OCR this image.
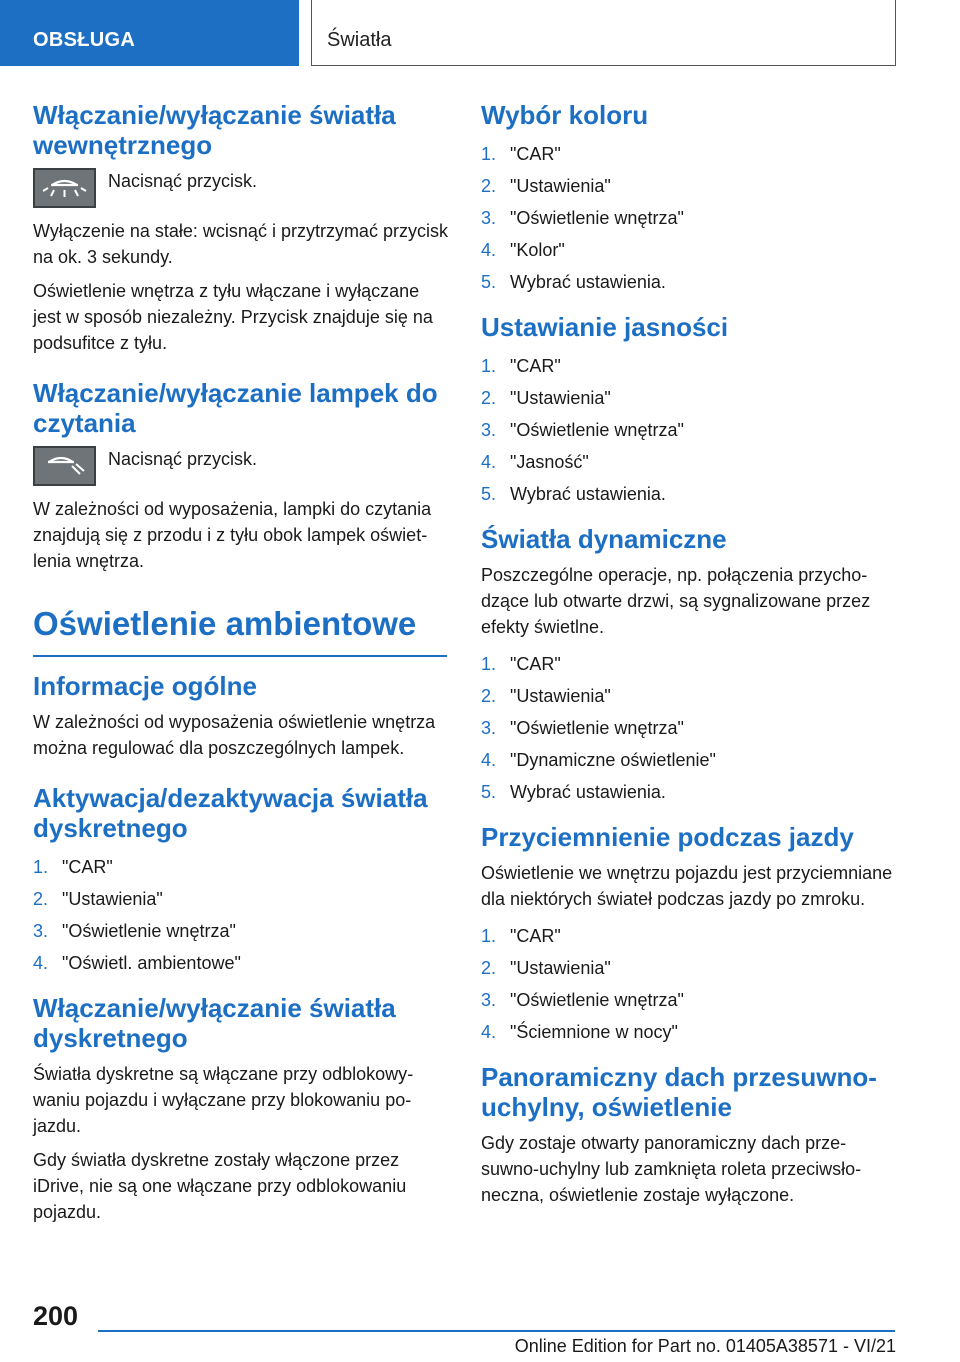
OBSŁUGA	Światła
Włączanie/wyłączanie światła wewnętrznego

Nacisnąć przycisk.

Wyłączenie na stałe: wcisnąć i przytrzymać przycisk na ok. 3 sekundy.

Oświetlenie wnętrza z tyłu włączane i wyłączane jest w sposób niezależny. Przycisk znajduje się na podsufitce z tyłu.

Włączanie/wyłączanie lampek do czytania

Nacisnąć przycisk.

W zależności od wyposażenia, lampki do czytania znajdują się z przodu i z tyłu obok lampek oświetlenia wnętrza.

Oświetlenie ambientowe
Informacje ogólne

W zależności od wyposażenia oświetlenie wnętrza można regulować dla poszczególnych lampek.

Aktywacja/dezaktywacja światła dyskretnego
1. "CAR"
2. "Ustawienia"
3. "Oświetlenie wnętrza"
4. "Oświetl. ambientowe"
Włączanie/wyłączanie światła dyskretnego

Światła dyskretne są włączane przy odblokowywaniu pojazdu i wyłączane przy blokowaniu pojazdu.

Gdy światła dyskretne zostały włączone przez iDrive, nie są one włączane przy odblokowaniu pojazdu.

Wybór koloru
1. "CAR"
2. "Ustawienia"
3. "Oświetlenie wnętrza"
4. "Kolor"
5. Wybrać ustawienia.
Ustawianie jasności
1. "CAR"
2. "Ustawienia"
3. "Oświetlenie wnętrza"
4. "Jasność"
5. Wybrać ustawienia.
Światła dynamiczne

Poszczególne operacje, np. połączenia przychodzące lub otwarte drzwi, są sygnalizowane przez efekty świetlne.

1. "CAR"
2. "Ustawienia"
3. "Oświetlenie wnętrza"
4. "Dynamiczne oświetlenie"
5. Wybrać ustawienia.
Przyciemnienie podczas jazdy

Oświetlenie we wnętrzu pojazdu jest przyciemniane dla niektórych świateł podczas jazdy po zmroku.

1. "CAR"
2. "Ustawienia"
3. "Oświetlenie wnętrza"
4. "Ściemnione w nocy"
Panoramiczny dach przesuwno-uchylny, oświetlenie

Gdy zostaje otwarty panoramiczny dach przesuwno-uchylny lub zamknięta roleta przeciwsłoneczna, oświetlenie zostaje wyłączone.

200
Online Edition for Part no. 01405A38571 - VI/21
